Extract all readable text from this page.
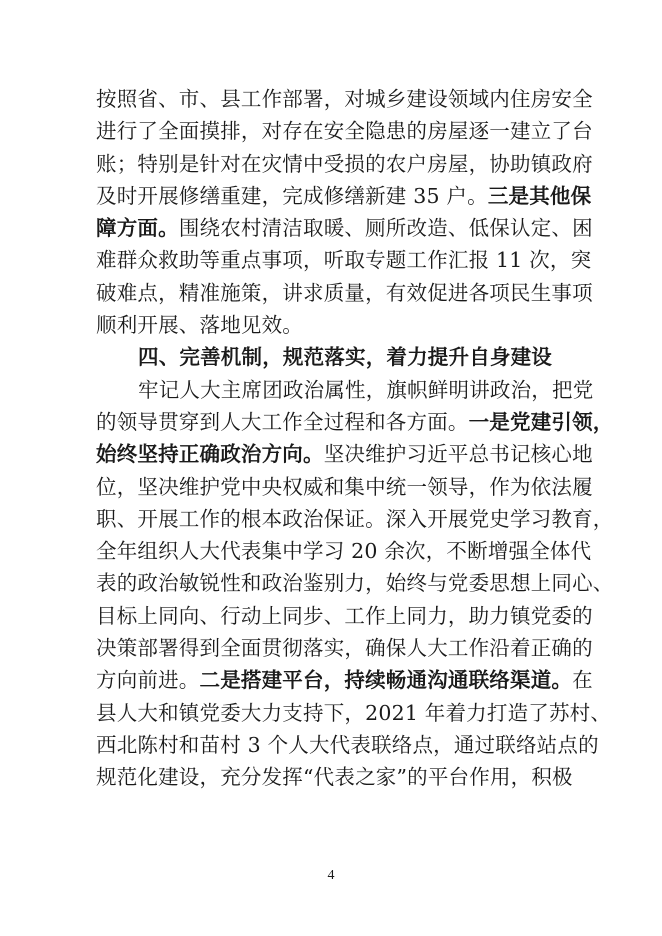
按照省、市、县工作部署，对城乡建设领域内住房安全
进行了全面摸排，对存在安全隐患的房屋逐一建立了台
账；特别是针对在灾情中受损的农户房屋，协助镇政府
及时开展修缮重建，完成修缮新建 35 户。三是其他保
障方面。围绕农村清洁取暖、厕所改造、低保认定、困
难群众救助等重点事项，听取专题工作汇报 11 次，突
破难点，精准施策，讲求质量，有效促进各项民生事项
顺利开展、落地见效。
四、完善机制，规范落实，着力提升自身建设
牢记人大主席团政治属性，旗帜鲜明讲政治，把党
的领导贯穿到人大工作全过程和各方面。一是党建引领，
始终坚持正确政治方向。坚决维护习近平总书记核心地
位，坚决维护党中央权威和集中统一领导，作为依法履
职、开展工作的根本政治保证。深入开展党史学习教育，
全年组织人大代表集中学习 20 余次，不断增强全体代
表的政治敏锐性和政治鉴别力，始终与党委思想上同心、
目标上同向、行动上同步、工作上同力，助力镇党委的
决策部署得到全面贯彻落实，确保人大工作沿着正确的
方向前进。二是搭建平台，持续畅通沟通联络渠道。在
县人大和镇党委大力支持下，2021 年着力打造了苏村、
西北陈村和苗村 3 个人大代表联络点，通过联络站点的
规范化建设，充分发挥“代表之家”的平台作用，积极
4
